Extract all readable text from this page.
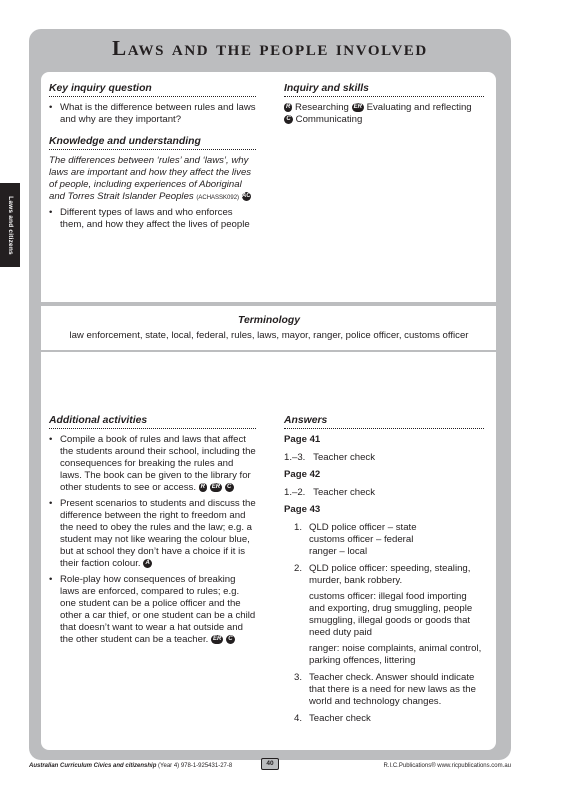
Laws and citizens
Laws and the people involved
Key inquiry question
• What is the difference between rules and laws and why are they important?
Knowledge and understanding
The differences between ‘rules’ and ‘laws’, why laws are important and how they affect the lives of people, including experiences of Aboriginal and Torres Strait Islander Peoples (ACHASSK092) AC
• Different types of laws and who enforces them, and how they affect the lives of people
Inquiry and skills
R Researching ER Evaluating and reflecting
C Communicating
Terminology
law enforcement, state, local, federal, rules, laws, mayor, ranger, police officer, customs officer
Additional activities
• Compile a book of rules and laws that affect the students around their school, including the consequences for breaking the rules and laws. The book can be given to the library for other students to see or access. R ER C
• Present scenarios to students and discuss the difference between the right to freedom and the need to obey the rules and the law; e.g. a student may not like wearing the colour blue, but at school they don’t have a choice if it is their faction colour. A
• Role-play how consequences of breaking laws are enforced, compared to rules; e.g. one student can be a police officer and the other a car thief, or one student can be a child that doesn’t want to wear a hat outside and the other student can be a teacher. ER C
Answers
Page 41
1.–3.   Teacher check
Page 42
1.–2.   Teacher check
Page 43
1. QLD police officer – state
customs officer – federal
ranger – local
2. QLD police officer: speeding, stealing, murder, bank robbery.
customs officer: illegal food importing and exporting, drug smuggling, people smuggling, illegal goods or goods that need duty paid
ranger: noise complaints, animal control, parking offences, littering
3. Teacher check. Answer should indicate that there is a need for new laws as the world and technology changes.
4. Teacher check
Australian Curriculum Civics and citizenship (Year 4) 978-1-925431-27-8	40	R.I.C.Publications® www.ricpublications.com.au
